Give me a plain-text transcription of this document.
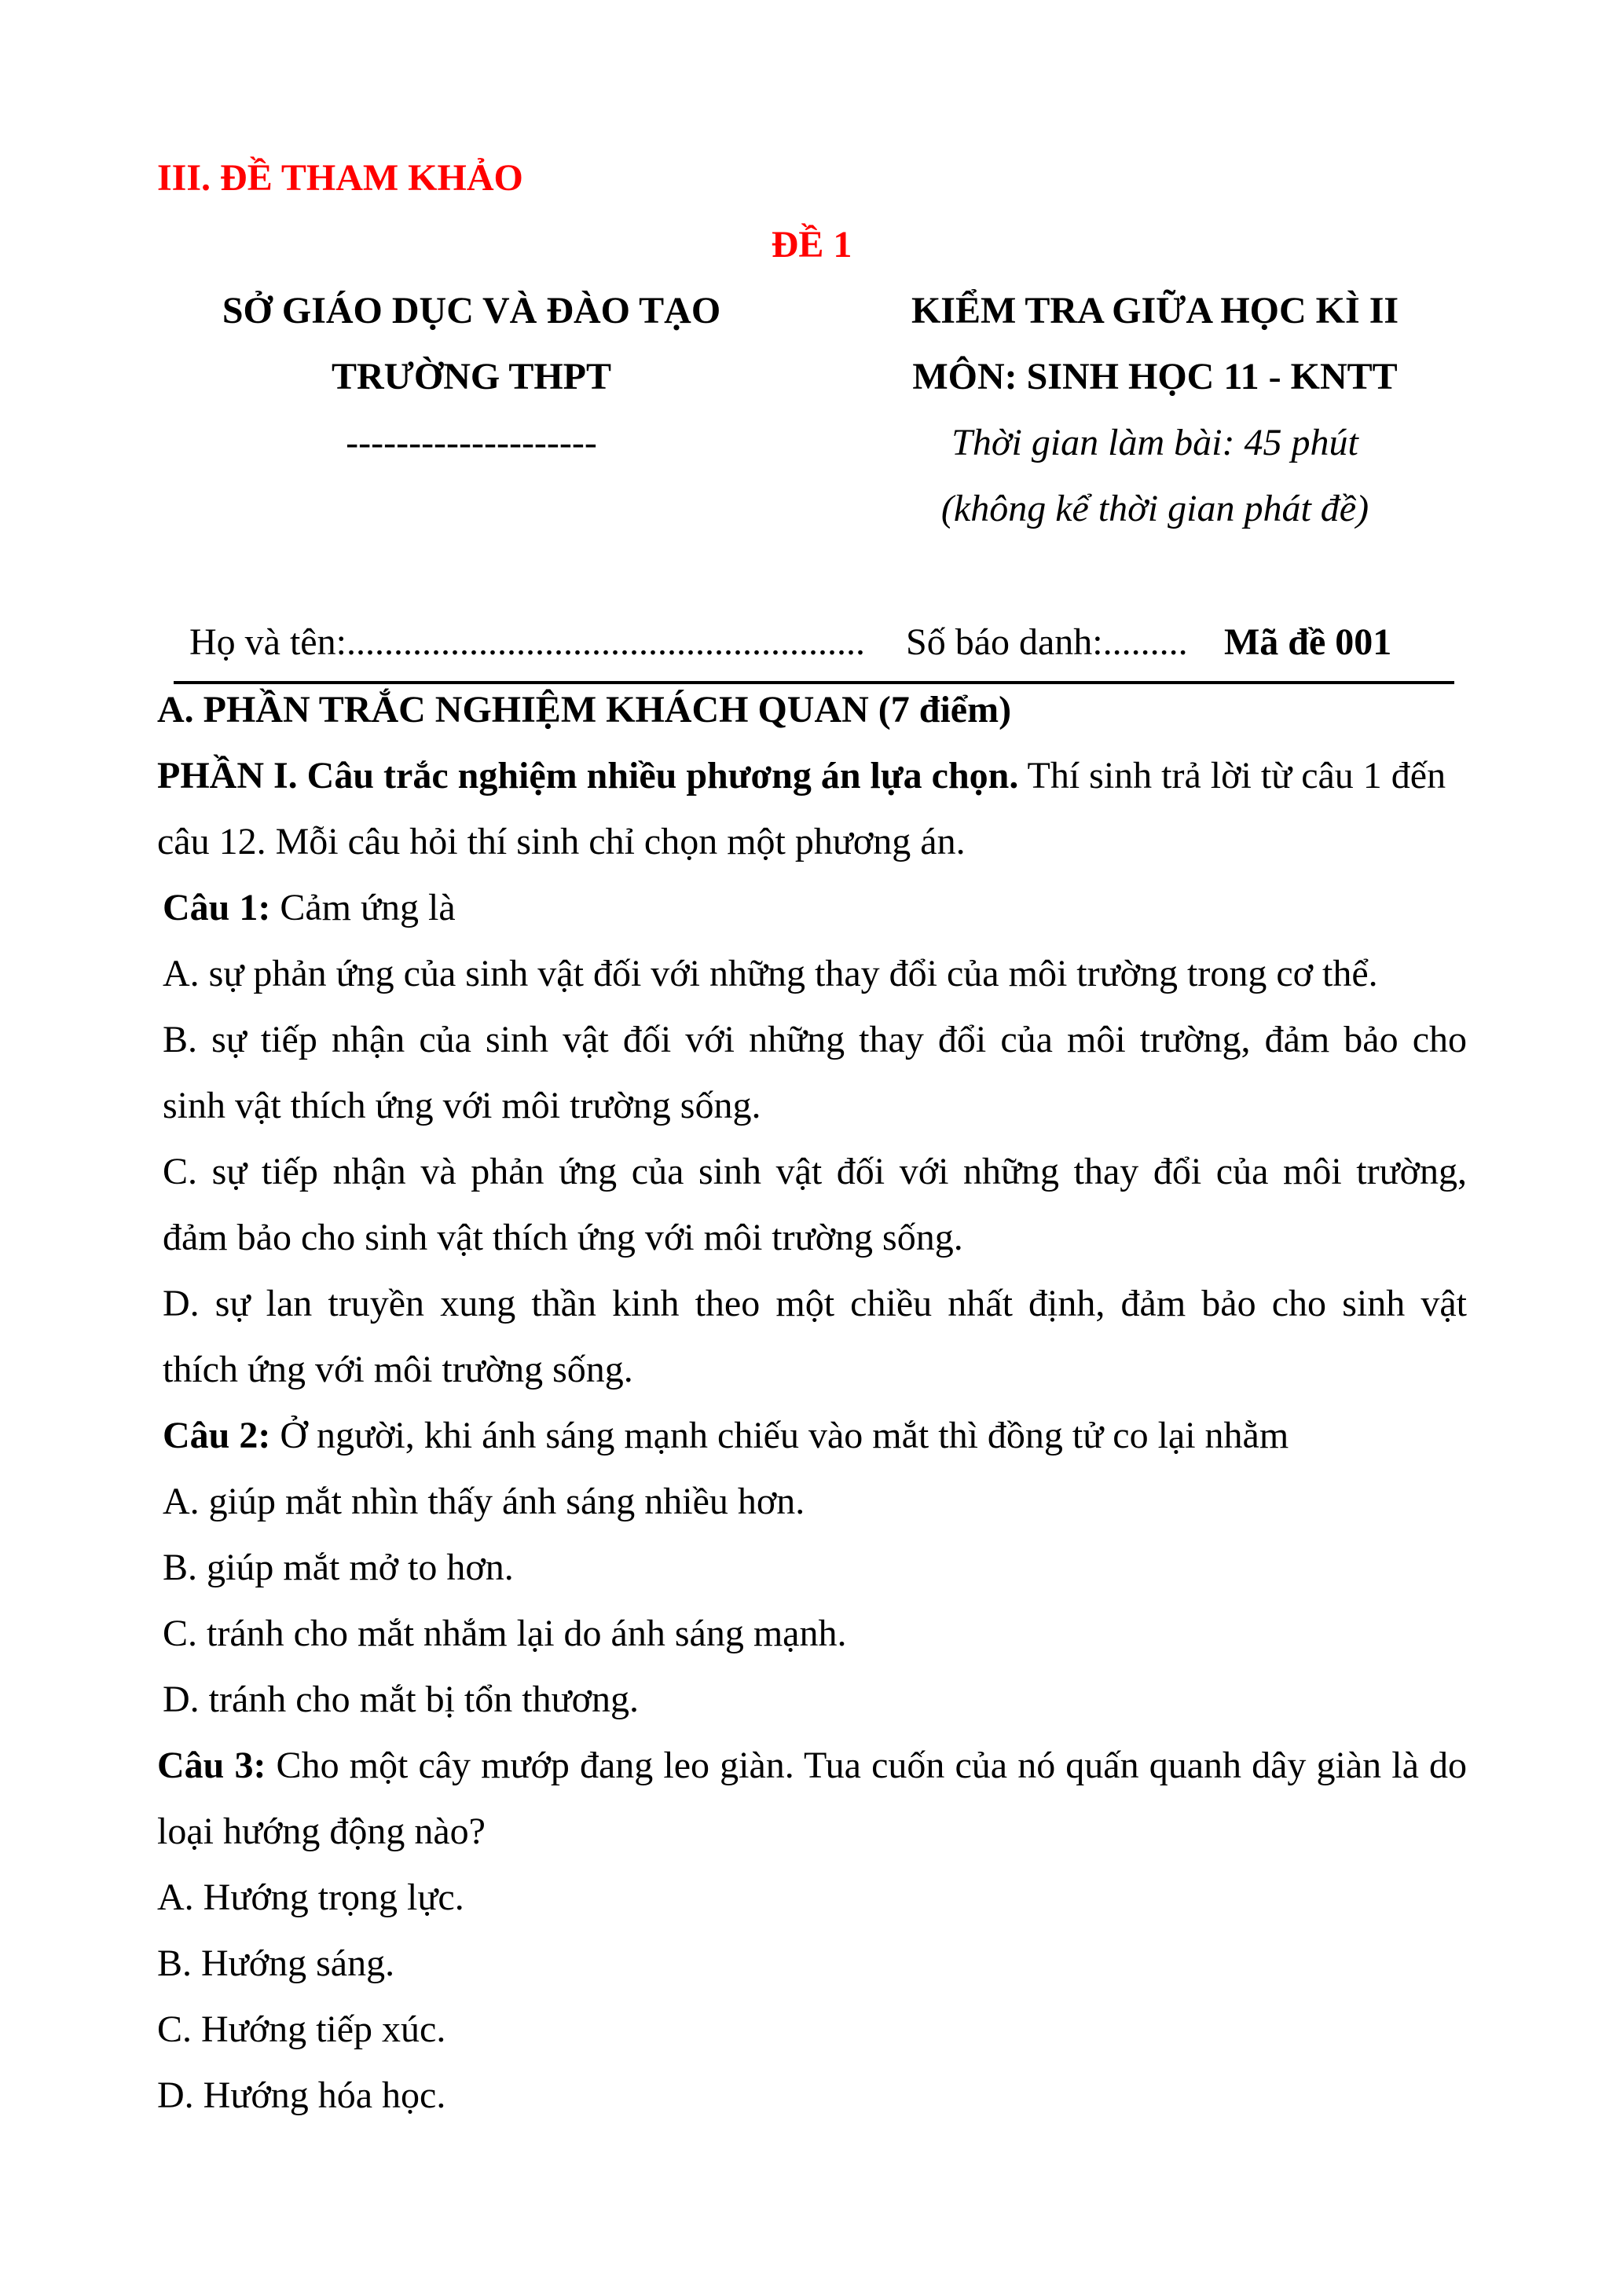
III. ĐỀ THAM KHẢO
ĐỀ 1
SỞ GIÁO DỤC VÀ ĐÀO TẠO
TRƯỜNG THPT
--------------------
KIỂM TRA GIỮA HỌC KÌ II
MÔN: SINH HỌC 11 - KNTT
Thời gian làm bài: 45 phút
(không kể thời gian phát đề)
Họ và tên:....................................................... Số báo danh:......... Mã đề 001
A. PHẦN TRẮC NGHIỆM KHÁCH QUAN (7 điểm)
PHẦN I. Câu trắc nghiệm nhiều phương án lựa chọn. Thí sinh trả lời từ câu 1 đến
câu 12. Mỗi câu hỏi thí sinh chỉ chọn một phương án.
Câu 1: Cảm ứng là
A. sự phản ứng của sinh vật đối với những thay đổi của môi trường trong cơ thể.
B. sự tiếp nhận của sinh vật đối với những thay đổi của môi trường, đảm bảo cho
sinh vật thích ứng với môi trường sống.
C. sự tiếp nhận và phản ứng của sinh vật đối với những thay đổi của môi trường,
đảm bảo cho sinh vật thích ứng với môi trường sống.
D. sự lan truyền xung thần kinh theo một chiều nhất định, đảm bảo cho sinh vật
thích ứng với môi trường sống.
Câu 2: Ở người, khi ánh sáng mạnh chiếu vào mắt thì đồng tử co lại nhằm
A. giúp mắt nhìn thấy ánh sáng nhiều hơn.
B. giúp mắt mở to hơn.
C. tránh cho mắt nhắm lại do ánh sáng mạnh.
D. tránh cho mắt bị tổn thương.
Câu 3: Cho một cây mướp đang leo giàn. Tua cuốn của nó quấn quanh dây giàn là do
loại hướng động nào?
A. Hướng trọng lực.
B. Hướng sáng.
C. Hướng tiếp xúc.
D. Hướng hóa học.
